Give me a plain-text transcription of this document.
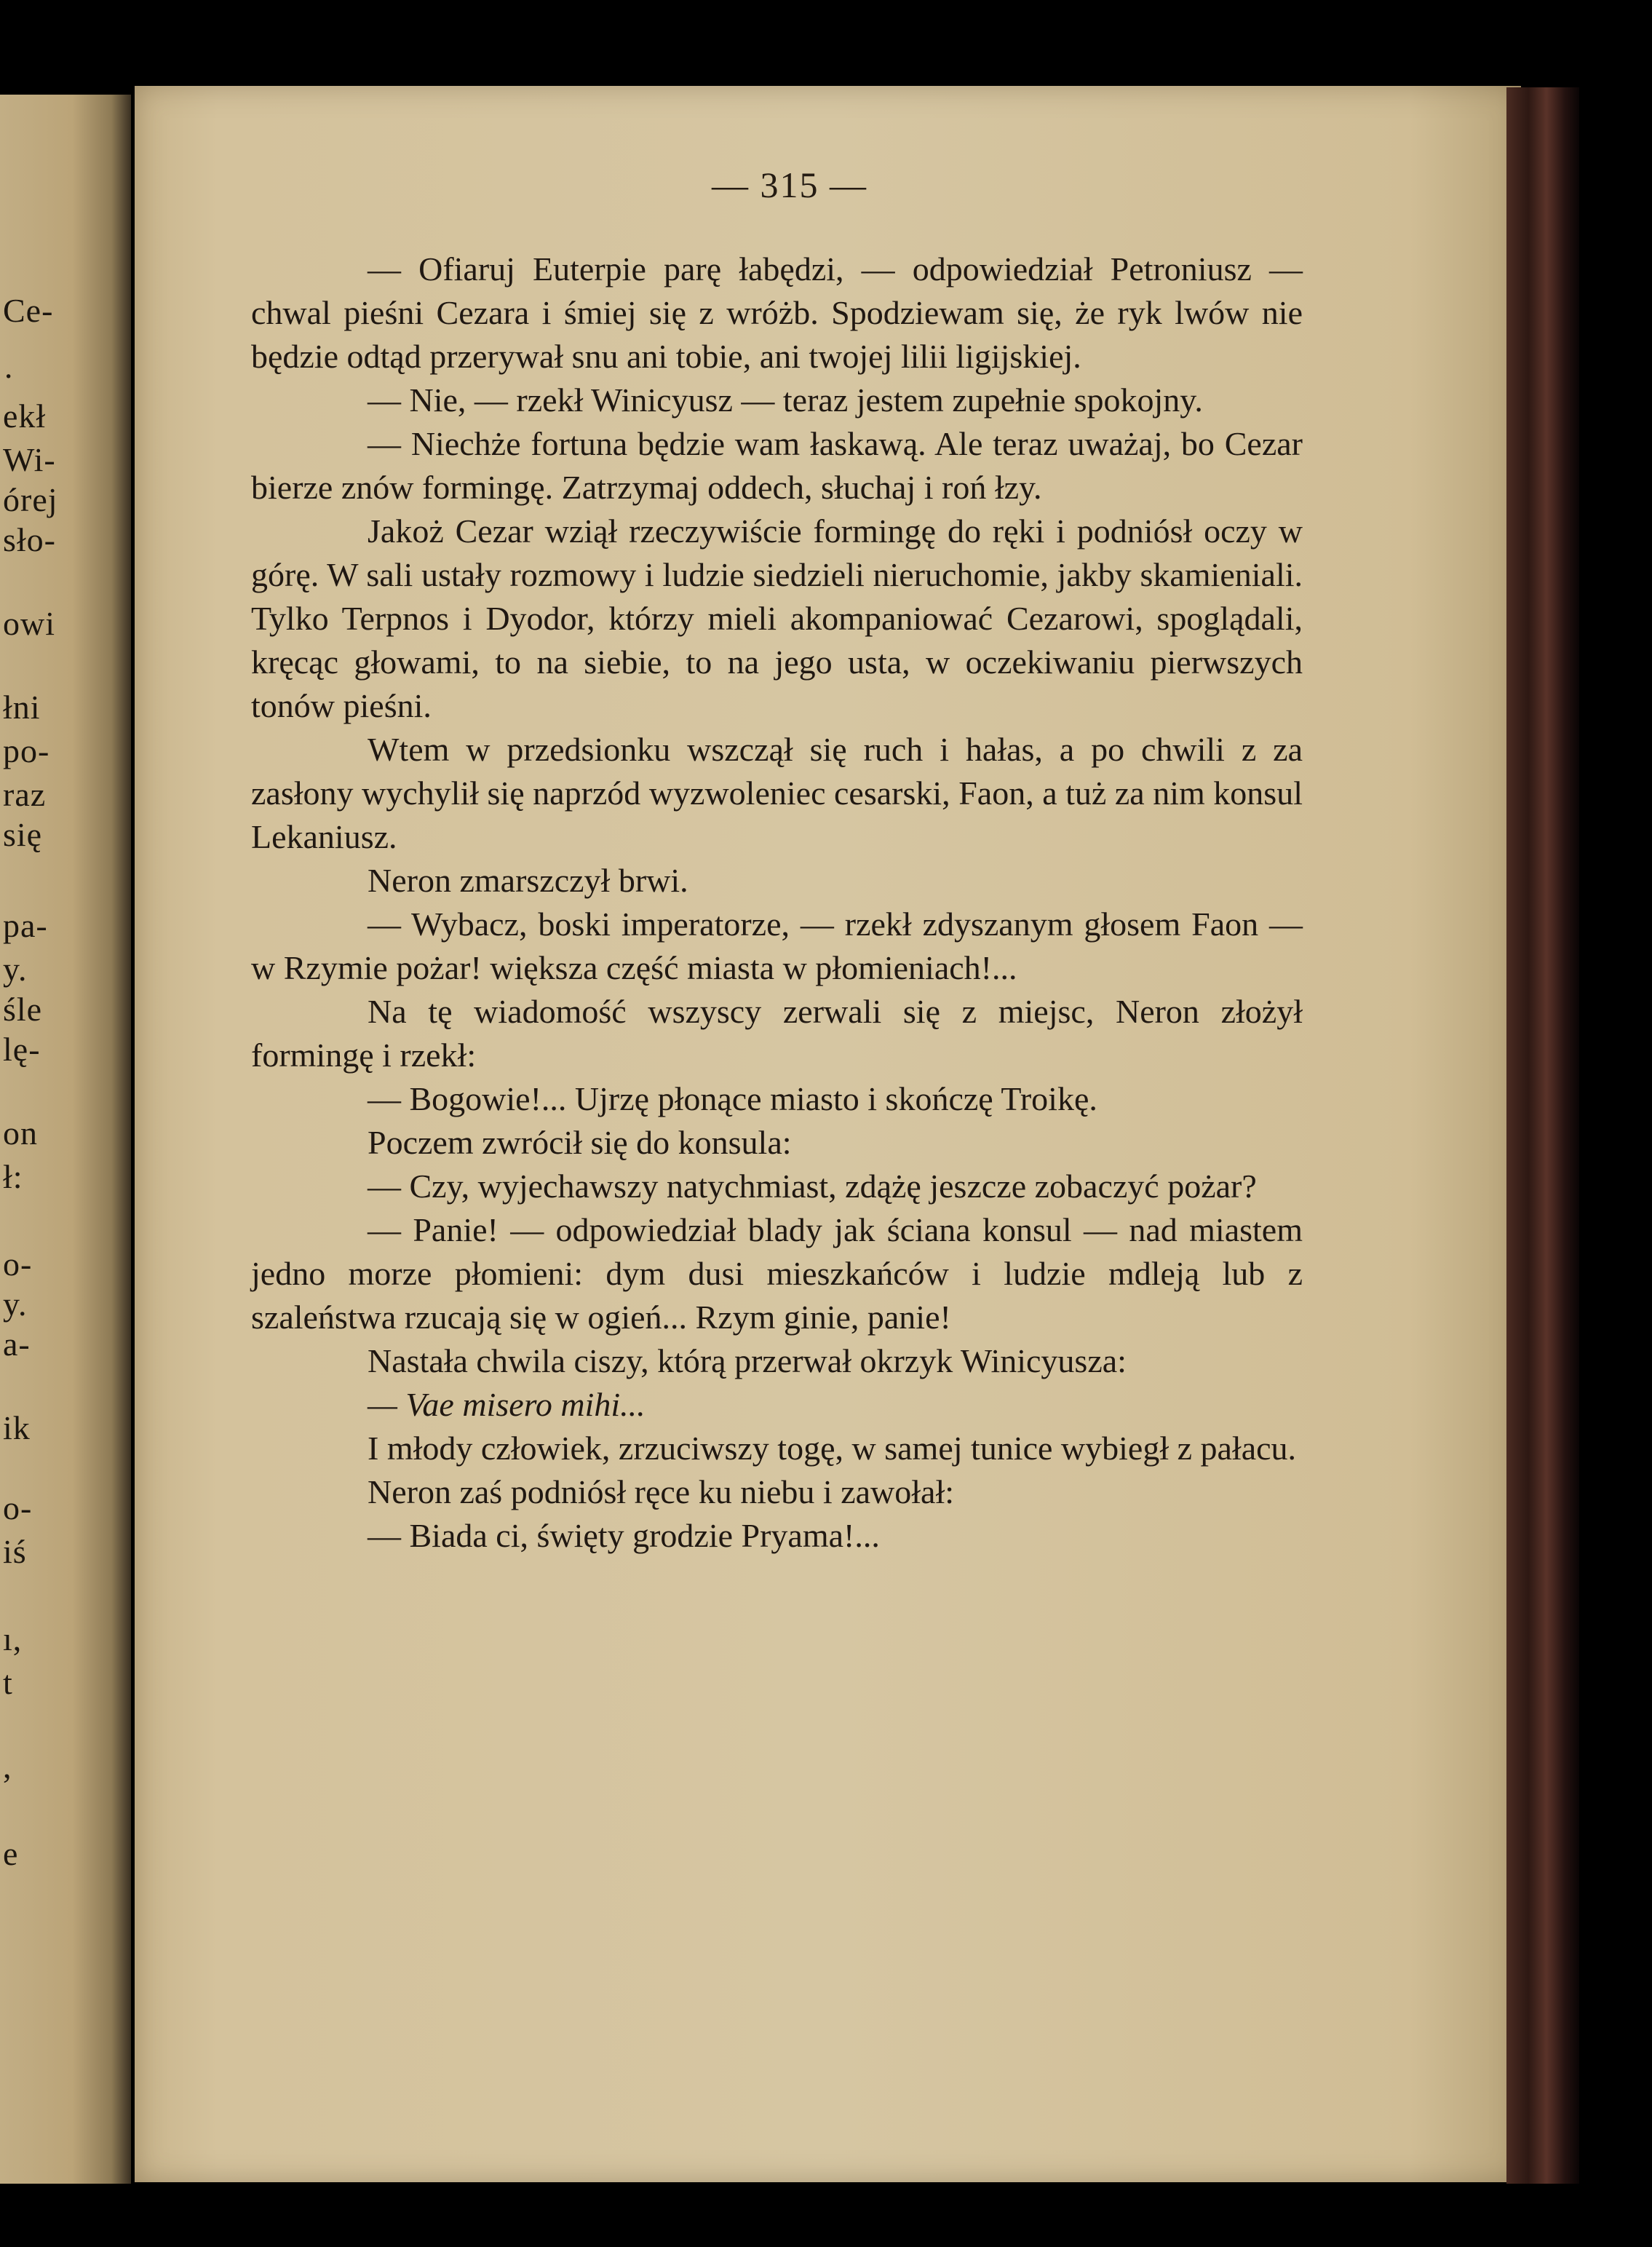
Ce-
·
ekł
Wi-
órej
sło-
owi
łni
po-
raz
się
pa-
y.
śle
lę-
on
ł:
o-
y.
a-
ik
o-
iś
ı,
t
,
e
— 315 —

— Ofiaruj Euterpie parę łabędzi, — odpowiedział Petroniusz — chwal pieśni Cezara i śmiej się z wróżb. Spodziewam się, że ryk lwów nie będzie odtąd przerywał snu ani tobie, ani twojej lilii ligijskiej.

— Nie, — rzekł Winicyusz — teraz jestem zupełnie spokojny.

— Niechże fortuna będzie wam łaskawą. Ale teraz uważaj, bo Cezar bierze znów formingę. Zatrzymaj oddech, słuchaj i roń łzy.

Jakoż Cezar wziął rzeczywiście formingę do ręki i podniósł oczy w górę. W sali ustały rozmowy i ludzie siedzieli nieruchomie, jakby skamieniali. Tylko Terpnos i Dyodor, którzy mieli akompaniować Cezarowi, spoglądali, kręcąc głowami, to na siebie, to na jego usta, w oczekiwaniu pierwszych tonów pieśni.

Wtem w przedsionku wszczął się ruch i hałas, a po chwili z za zasłony wychylił się naprzód wyzwoleniec cesarski, Faon, a tuż za nim konsul Lekaniusz.

Neron zmarszczył brwi.

— Wybacz, boski imperatorze, — rzekł zdyszanym głosem Faon — w Rzymie pożar! większa część miasta w płomieniach!...

Na tę wiadomość wszyscy zerwali się z miejsc, Neron złożył formingę i rzekł:

— Bogowie!... Ujrzę płonące miasto i skończę Troikę.

Poczem zwrócił się do konsula:

— Czy, wyjechawszy natychmiast, zdążę jeszcze zobaczyć pożar?

— Panie! — odpowiedział blady jak ściana konsul — nad miastem jedno morze płomieni: dym dusi mieszkańców i ludzie mdleją lub z szaleństwa rzucają się w ogień... Rzym ginie, panie!

Nastała chwila ciszy, którą przerwał okrzyk Winicyusza:

— Vae misero mihi...

I młody człowiek, zrzuciwszy togę, w samej tunice wybiegł z pałacu.

Neron zaś podniósł ręce ku niebu i zawołał:

— Biada ci, święty grodzie Pryama!...
